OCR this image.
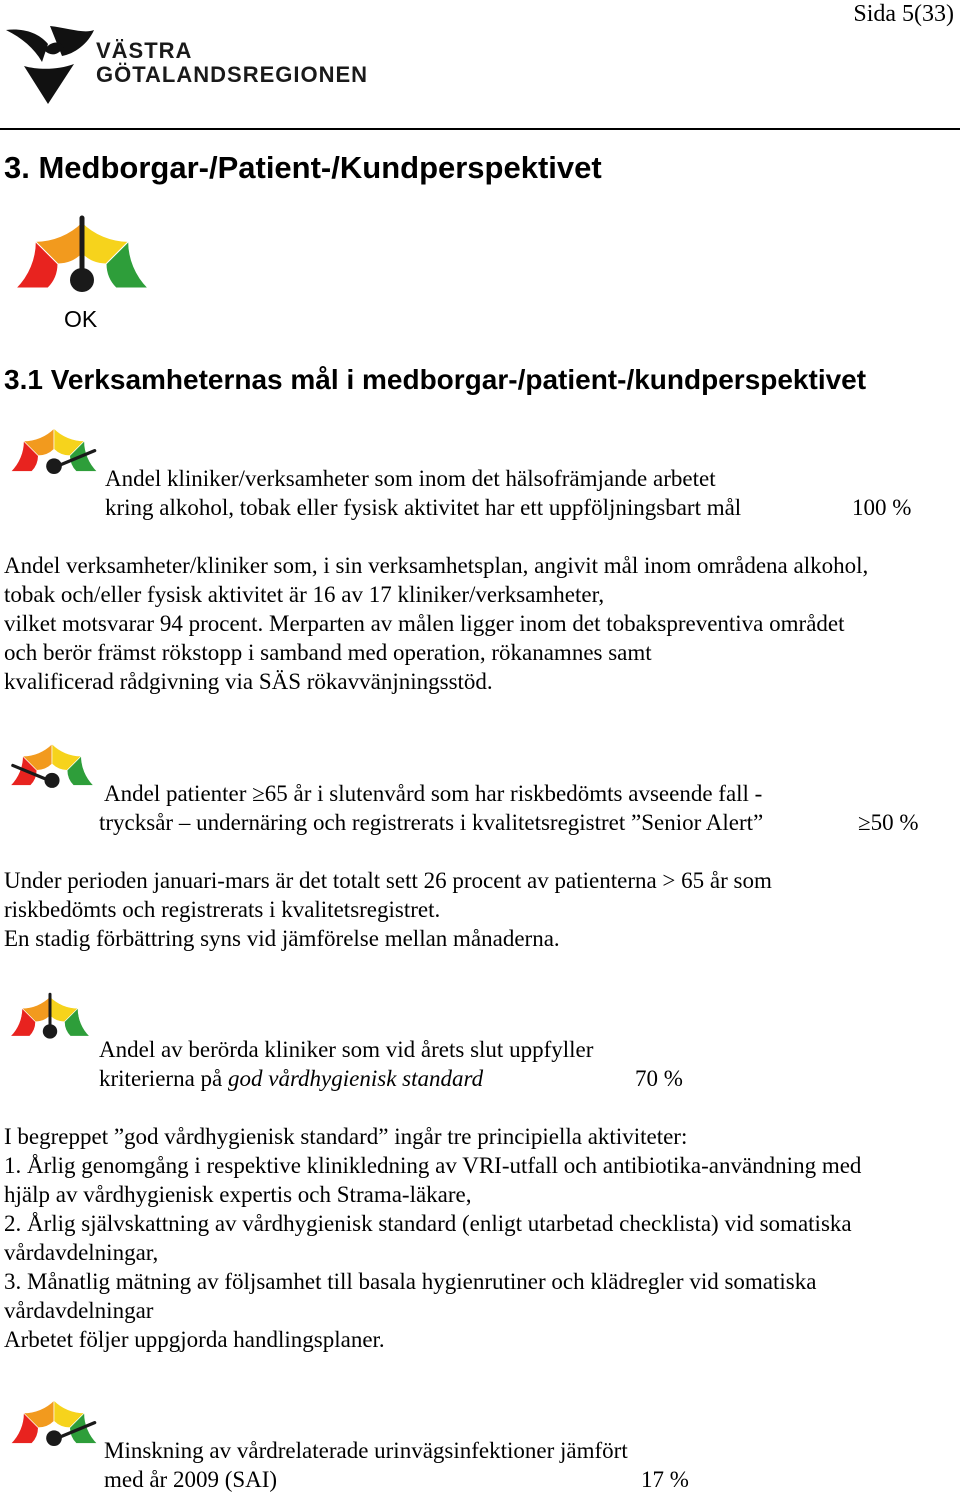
Sida 5(33)
VÄSTRA
GÖTALANDSREGIONEN
3. Medborgar-/Patient-/Kundperspektivet
OK
3.1 Verksamheternas mål i medborgar-/patient-/kundperspektivet
Andel kliniker/verksamheter som inom det hälsofrämjande arbetet
kring alkohol, tobak eller fysisk aktivitet har ett uppföljningsbart mål	100 %
Andel verksamheter/kliniker som, i sin verksamhetsplan, angivit mål inom områdena alkohol,
tobak och/eller fysisk aktivitet är 16 av 17 kliniker/verksamheter,
vilket motsvarar 94 procent. Merparten av målen ligger inom det tobakspreventiva området
och berör främst rökstopp i samband med operation, rökanamnes samt
kvalificerad rådgivning via SÄS rökavvänjningsstöd.
Andel patienter ≥65 år i slutenvård som har riskbedömts avseende fall -
trycksår – undernäring och registrerats i kvalitetsregistret ”Senior Alert”	≥50 %
Under perioden januari-mars är det totalt sett 26 procent av patienterna > 65 år som
riskbedömts och registrerats i kvalitetsregistret.
En stadig förbättring syns vid jämförelse mellan månaderna.
Andel av berörda kliniker som vid årets slut uppfyller
kriterierna på god vårdhygienisk standard	70 %
I begreppet ”god vårdhygienisk standard” ingår tre principiella aktiviteter:
1. Årlig genomgång i respektive klinikledning av VRI-utfall och antibiotika-användning med
hjälp av vårdhygienisk expertis och Strama-läkare,
2. Årlig självskattning av vårdhygienisk standard (enligt utarbetad checklista) vid somatiska
vårdavdelningar,
3. Månatlig mätning av följsamhet till basala hygienrutiner och klädregler vid somatiska
vårdavdelningar
Arbetet följer uppgjorda handlingsplaner.
Minskning av vårdrelaterade urinvägsinfektioner jämfört
med år 2009 (SAI)	17 %
